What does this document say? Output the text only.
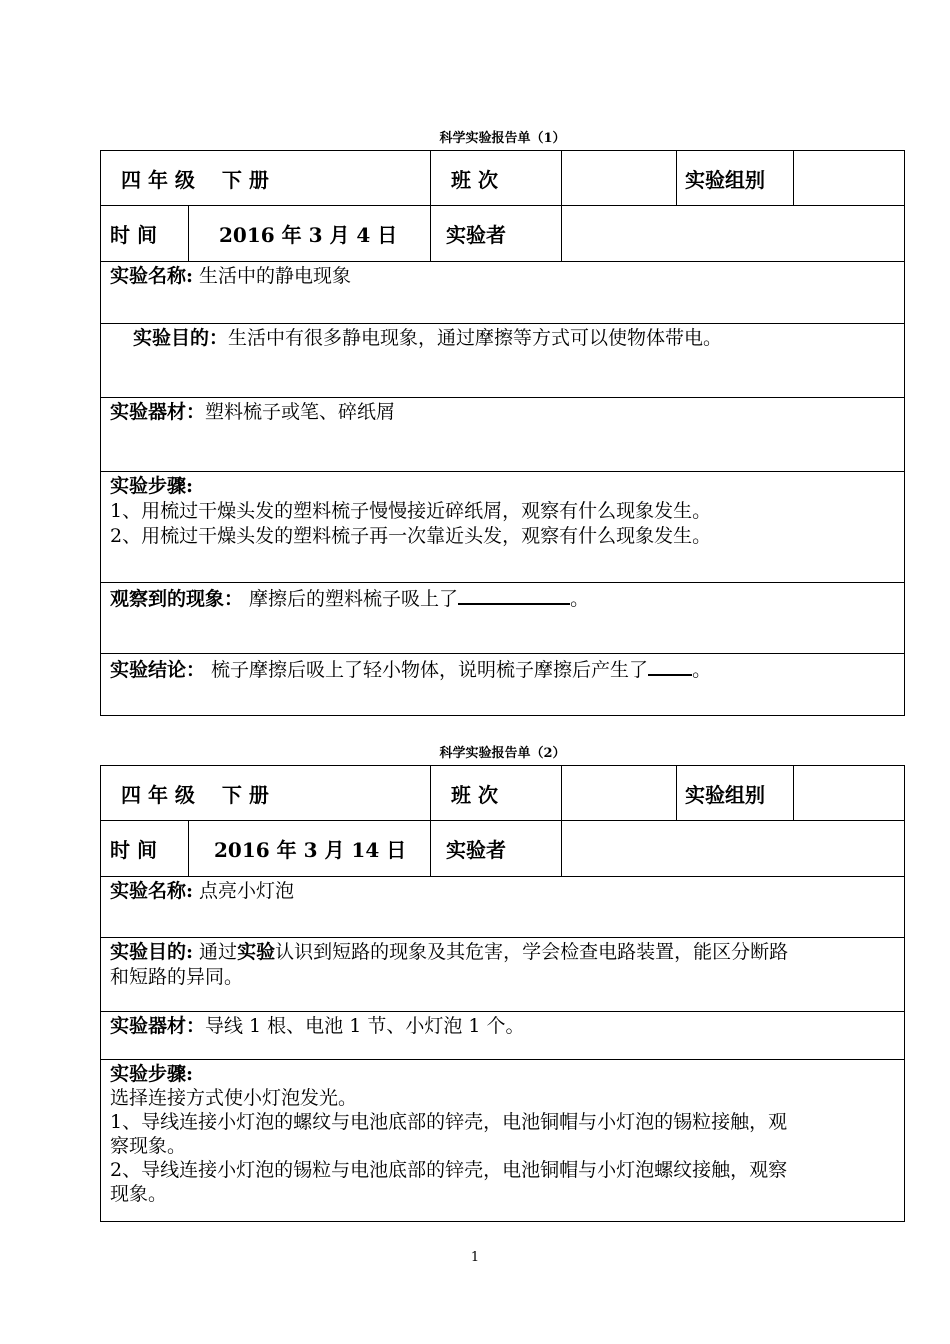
科学实验报告单（1）
四 年 级　 下 册	班 次	实验组别
时 间	2016 年 3 月 4 日 实验者
实验名称: 生活中的静电现象
实验目的：生活中有很多静电现象，通过摩擦等方式可以使物体带电。
实验器材：塑料梳子或笔、碎纸屑
实验步骤:
1、用梳过干燥头发的塑料梳子慢慢接近碎纸屑，观察有什么现象发生。
2、用梳过干燥头发的塑料梳子再一次靠近头发，观察有什么现象发生。
观察到的现象： 摩擦后的塑料梳子吸上了	。
实验结论： 梳子摩擦后吸上了轻小物体，说明梳子摩擦后产生了 。
科学实验报告单（2）
四 年 级　 下 册	班 次	实验组别
时 间	2016 年 3 月 14 日 实验者
实验名称: 点亮小灯泡
实验目的: 通过实验认识到短路的现象及其危害，学会检查电路装置，能区分断路
和短路的异同。
实验器材：导线 1 根、电池 1 节、小灯泡 1 个。
实验步骤:
选择连接方式使小灯泡发光。
1、导线连接小灯泡的螺纹与电池底部的锌壳，电池铜帽与小灯泡的锡粒接触，观
察现象。
2、导线连接小灯泡的锡粒与电池底部的锌壳，电池铜帽与小灯泡螺纹接触，观察
现象。
1
